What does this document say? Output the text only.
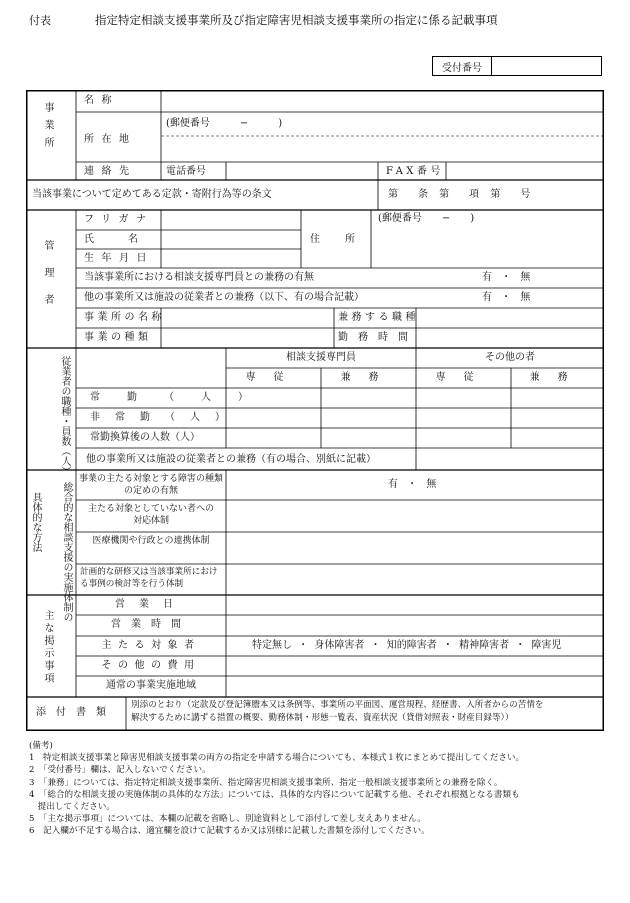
付表	指定特定相談支援事業所及び指定障害児相談支援事業所の指定に係る記載事項
受付番号
事業所
名称
(郵便番号　　　−　　　)
所在地
連絡先	電話番号	FAX番号
当該事業について定めてある定款・寄附行為等の条文	第　　条 第　　項 第　　号
管理者
フリガナ
氏名
生年月日
住所
(郵便番号　　−　　)
当該事業所における相談支援専門員との兼務の有無	有 ・ 無
他の事業所又は施設の従業者との兼務（以下、有の場合記載）	有 ・ 無
事業所の名称
事業の種類
兼務する職種
勤務時間
従業者の職種・員数（人）	相談支援専門員	その他の者
専従	兼務	専従	兼務
常勤（人）
非常勤（人）
常勤換算後の人数（人）
他の事業所又は施設の従業者との兼務（有の場合、別紙に記載）
具体的な方法	総合的な相談支援の実施体制の
事業の主たる対象とする障害の種類の定めの有無
有 ・ 無
主たる対象としていない者への対応体制
医療機関や行政との連携体制
計画的な研修又は当該事業所における事例の検討等を行う体制
主な掲示事項
営業日
営業時間
主たる対象者	特定無し ・ 身体障害者 ・ 知的障害者 ・ 精神障害者 ・ 障害児
その他の費用
通常の事業実施地域
添付書類
別添のとおり（定款及び登記簿謄本又は条例等、事業所の平面図、運営規程、経歴書、入所者からの苦情を
解決するために講ずる措置の概要、勤務体制・形態一覧表、資産状況（貸借対照表・財産目録等））
(備考)
1　特定相談支援事業と障害児相談支援事業の両方の指定を申請する場合についても、本様式１枚にまとめて提出してください。
2　「受付番号」欄は、記入しないでください。
3　「兼務」については、指定特定相談支援事業所、指定障害児相談支援事業所、指定一般相談支援事業所との兼務を除く。
4　「総合的な相談支援の実施体制の具体的な方法」については、具体的な内容について記載する他、それぞれ根拠となる書類も
　提出してください。
5　「主な掲示事項」については、本欄の記載を省略し、別途資料として添付して差し支えありません。
6　記入欄が不足する場合は、適宜欄を設けて記載するか又は別様に記載した書類を添付してください。
